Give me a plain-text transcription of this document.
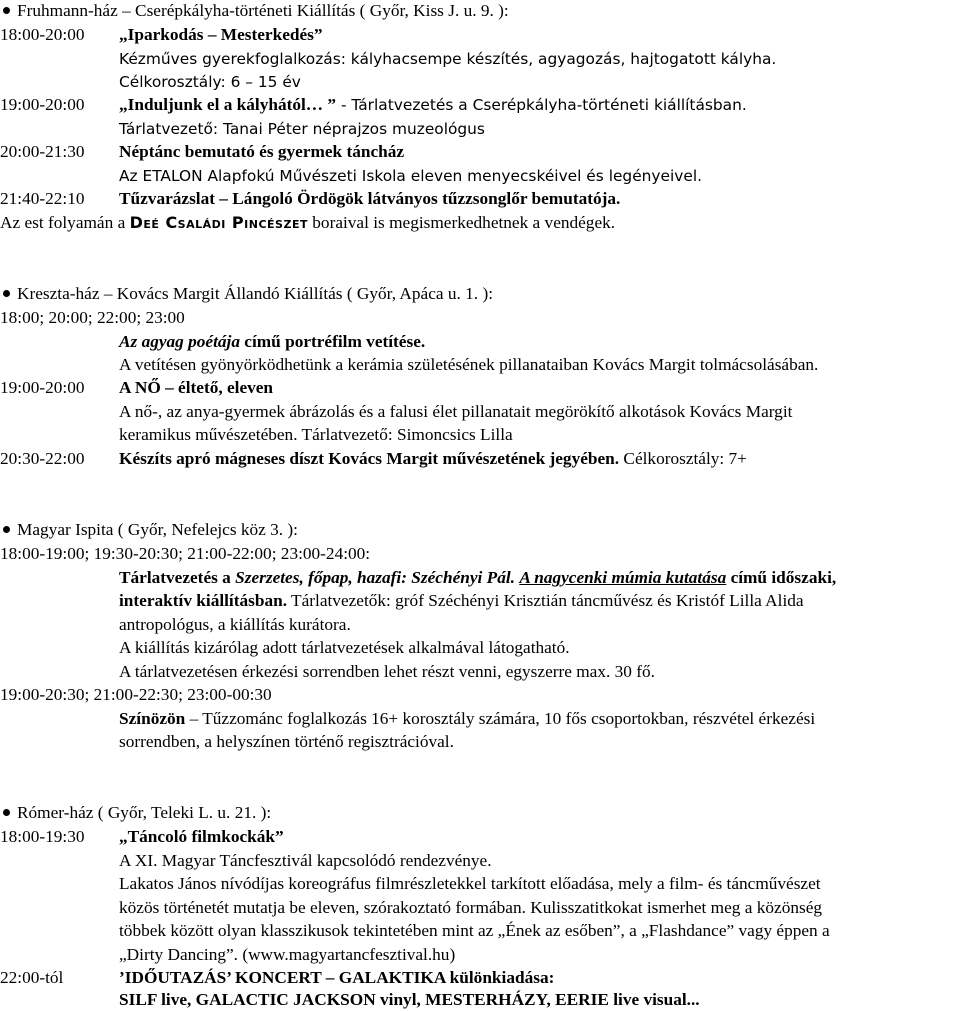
Fruhmann-ház – Cserépkályha-történeti Kiállítás ( Győr, Kiss J. u. 9. ):
18:00-20:00 „Iparkodás – Mesterkedés”
Kézműves gyerekfoglalkozás: kályhacsempe készítés, agyagozás, hajtogatott kályha.
Célkorosztály: 6 – 15 év
19:00-20:00 „Induljunk el a kályhától… ” - Tárlatvezetés a Cserépkályha-történeti kiállításban.
Tárlatvezető: Tanai Péter néprajzos muzeológus
20:00-21:30 Néptánc bemutató és gyermek táncház
Az ETALON Alapfokú Művészeti Iskola eleven menyecskéivel és legényeivel.
21:40-22:10 Tűzvarázslat – Lángoló Ördögök látványos tűzzsonglőr bemutatója.
Az est folyamán a Deé Családi Pincészet boraival is megismerkedhetnek a vendégek.
Kreszta-ház – Kovács Margit Állandó Kiállítás ( Győr, Apáca u. 1. ):
18:00; 20:00; 22:00; 23:00
Az agyag poétája című portréfilm vetítése.
A vetítésen gyönyörködhetünk a kerámia születésének pillanataiban Kovács Margit tolmácsolásában.
19:00-20:00 A NŐ – éltető, eleven
A nő-, az anya-gyermek ábrázolás és a falusi élet pillanatait megörökítő alkotások Kovács Margit
keramikus művészetében. Tárlatvezető: Simoncsics Lilla
20:30-22:00 Készíts apró mágneses díszt Kovács Margit művészetének jegyében. Célkorosztály: 7+
Magyar Ispita ( Győr, Nefelejcs köz 3. ):
18:00-19:00; 19:30-20:30; 21:00-22:00; 23:00-24:00:
Tárlatvezetés a Szerzetes, főpap, hazafi: Széchényi Pál. A nagycenki múmia kutatása című időszaki,
interaktív kiállításban. Tárlatvezetők: gróf Széchényi Krisztián táncművész és Kristóf Lilla Alida
antropológus, a kiállítás kurátora.
A kiállítás kizárólag adott tárlatvezetések alkalmával látogatható.
A tárlatvezetésen érkezési sorrendben lehet részt venni, egyszerre max. 30 fő.
19:00-20:30; 21:00-22:30; 23:00-00:30
Színözön – Tűzzománc foglalkozás 16+ korosztály számára, 10 fős csoportokban, részvétel érkezési
sorrendben, a helyszínen történő regisztrációval.
Rómer-ház ( Győr, Teleki L. u. 21. ):
18:00-19:30 „Táncoló filmkockák”
A XI. Magyar Táncfesztivál kapcsolódó rendezvénye.
Lakatos János nívódíjas koreográfus filmrészletekkel tarkított előadása, mely a film- és táncművészet
közös történetét mutatja be eleven, szórakoztató formában. Kulisszatitkokat ismerhet meg a közönség
többek között olyan klasszikusok tekintetében mint az „Ének az esőben”, a „Flashdance” vagy éppen a
„Dirty Dancing”. (www.magyartancfesztival.hu)
22:00-tól	’IDŐUTAZÁS’ KONCERT – GALAKTIKA különkiadása:
SILF live, GALACTIC JACKSON vinyl, MESTERHÁZY, EERIE live visual...
